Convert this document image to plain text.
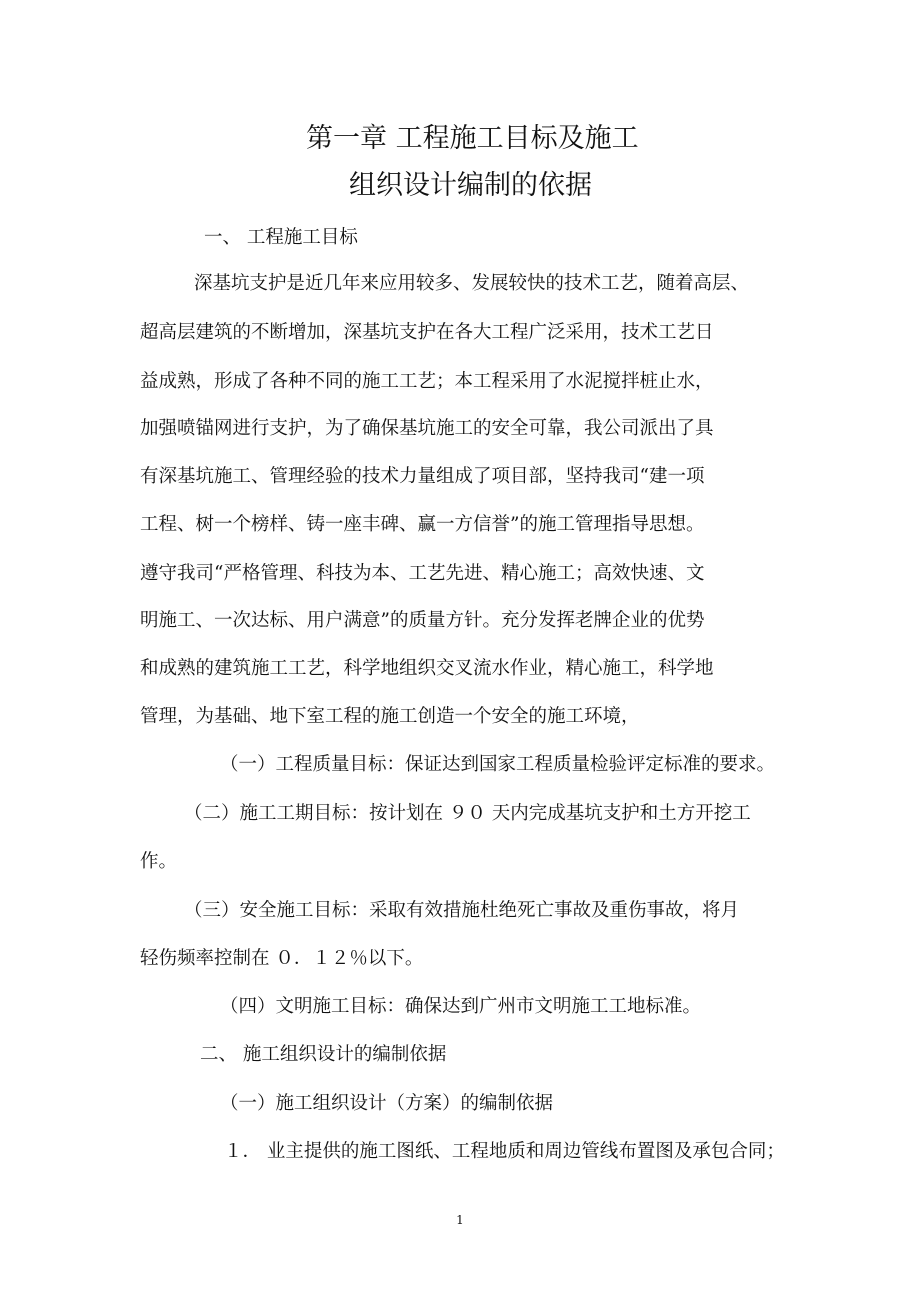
第一章 工程施工目标及施工
组织设计编制的依据
一、 工程施工目标
深基坑支护是近几年来应用较多、发展较快的技术工艺，随着高层、
超高层建筑的不断增加，深基坑支护在各大工程广泛采用，技术工艺日
益成熟，形成了各种不同的施工工艺；本工程采用了水泥搅拌桩止水，
加强喷锚网进行支护，为了确保基坑施工的安全可靠，我公司派出了具
有深基坑施工、管理经验的技术力量组成了项目部，坚持我司“建一项
工程、树一个榜样、铸一座丰碑、赢一方信誉”的施工管理指导思想。
遵守我司“严格管理、科技为本、工艺先进、精心施工；高效快速、文
明施工、一次达标、用户满意”的质量方针。充分发挥老牌企业的优势
和成熟的建筑施工工艺，科学地组织交叉流水作业，精心施工，科学地
管理，为基础、地下室工程的施工创造一个安全的施工环境，
（一）工程质量目标：保证达到国家工程质量检验评定标准的要求。
（二）施工工期目标：按计划在 ９０ 天内完成基坑支护和土方开挖工
作。
（三）安全施工目标：采取有效措施杜绝死亡事故及重伤事故，将月
轻伤频率控制在 ０．１２％以下。
（四）文明施工目标：确保达到广州市文明施工工地标准。
二、 施工组织设计的编制依据
（一）施工组织设计（方案）的编制依据
１． 业主提供的施工图纸、工程地质和周边管线布置图及承包合同；
1
